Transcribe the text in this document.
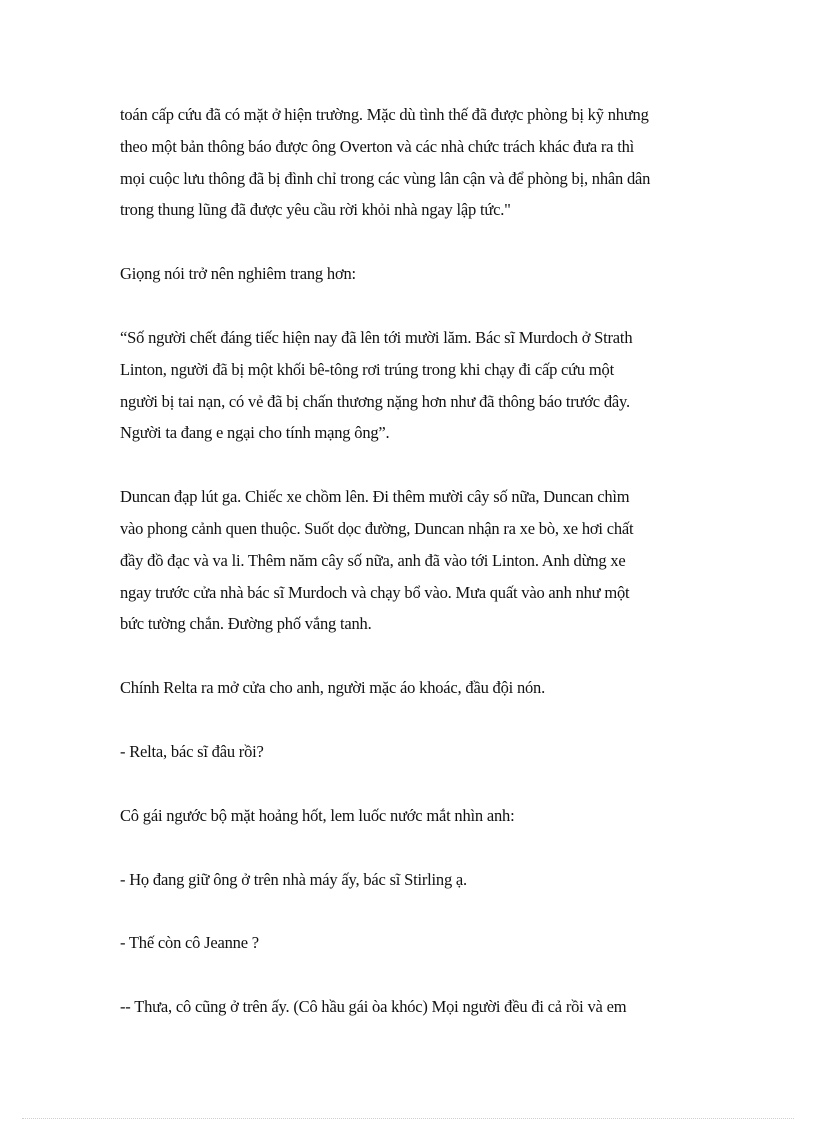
toán cấp cứu đã có mặt ở hiện trường. Mặc dù tình thế đã được phòng bị kỹ nhưng
theo một bản thông báo được ông Overton và các nhà chức trách khác đưa ra thì
mọi cuộc lưu thông đã bị đình chỉ trong các vùng lân cận và để phòng bị, nhân dân
trong thung lũng đã được yêu cầu rời khỏi nhà ngay lập tức."

Giọng nói trở nên nghiêm trang hơn:

“Số người chết đáng tiếc hiện nay đã lên tới mười lăm. Bác sĩ Murdoch ở Strath
Linton, người đã bị một khối bê-tông rơi trúng trong khi chạy đi cấp cứu một
người bị tai nạn, có vẻ đã bị chấn thương nặng hơn như đã thông báo trước đây.
Người ta đang e ngại cho tính mạng ông”.

Duncan đạp lút ga. Chiếc xe chồm lên. Đi thêm mười cây số nữa, Duncan chìm
vào phong cảnh quen thuộc. Suốt dọc đường, Duncan nhận ra xe bò, xe hơi chất
đầy đồ đạc và va li. Thêm năm cây số nữa, anh đã vào tới Linton. Anh dừng xe
ngay trước cửa nhà bác sĩ Murdoch và chạy bổ vào. Mưa quất vào anh như một
bức tường chắn. Đường phố vắng tanh.

Chính Relta ra mở cửa cho anh, người mặc áo khoác, đầu đội nón.

- Relta, bác sĩ đâu rồi?

Cô gái ngước bộ mặt hoảng hốt, lem luốc nước mắt nhìn anh:

- Họ đang giữ ông ở trên nhà máy ấy, bác sĩ Stirling ạ.

- Thế còn cô Jeanne ?

-- Thưa, cô cũng ở trên ấy. (Cô hầu gái òa khóc) Mọi người đều đi cả rồi và em
